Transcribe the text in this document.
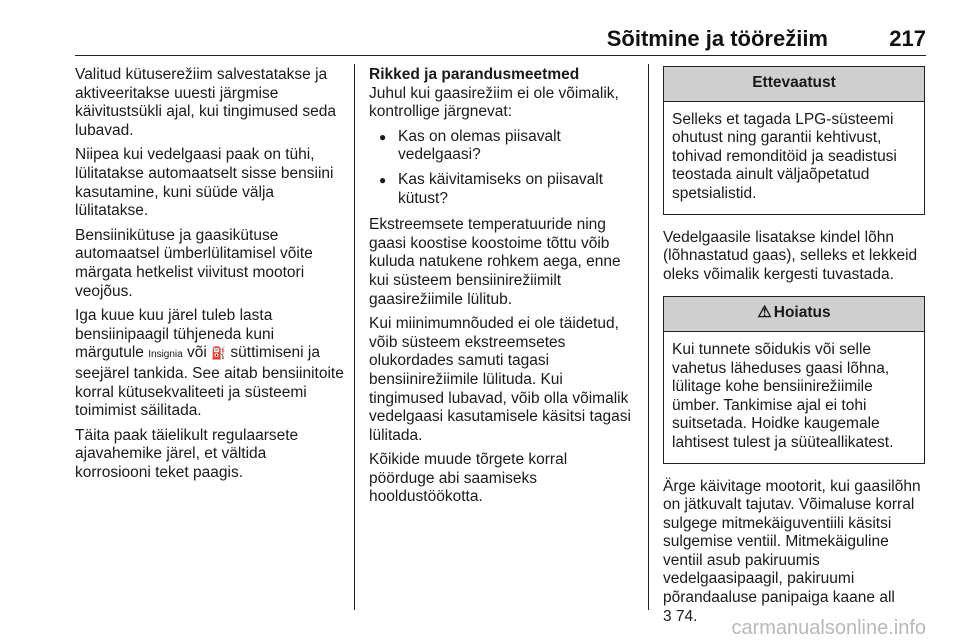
Sõitmine ja töörežiim	217

Valitud kütuserežiim salvestatakse ja aktiveeritakse uuesti järgmise käivitustsükli ajal, kui tingimused seda lubavad.

Niipea kui vedelgaasi paak on tühi, lülitatakse automaatselt sisse bensiini kasutamine, kuni süüde välja lülitatakse.

Bensiinikütuse ja gaasikütuse automaatsel ümberlülitamisel võite märgata hetkelist viivitust mootori veojõus.

Iga kuue kuu järel tuleb lasta bensiinipaagil tühjeneda kuni märgutule Insignia või ⛽ süttimiseni ja seejärel tankida. See aitab bensiinitoite korral kütusekvaliteeti ja süsteemi toimimist säilitada.

Täita paak täielikult regulaarsete ajavahemike järel, et vältida korrosiooni teket paagis.

Rikked ja parandusmeetmed

Juhul kui gaasirežiim ei ole võimalik, kontrollige järgnevat:

● Kas on olemas piisavalt vedelgaasi?
● Kas käivitamiseks on piisavalt kütust?

Ekstreemsete temperatuuride ning gaasi koostise koostoime tõttu võib kuluda natukene rohkem aega, enne kui süsteem bensiinirežiimilt gaasirežiimile lülitub.

Kui miinimumnõuded ei ole täidetud, võib süsteem ekstreemsetes olukordades samuti tagasi bensiinirežiimile lülituda. Kui tingimused lubavad, võib olla võimalik vedelgaasi kasutamisele käsitsi tagasi lülitada.

Kõikide muude tõrgete korral pöörduge abi saamiseks hooldustöökotta.

Ettevaatust
Selleks et tagada LPG-süsteemi ohutust ning garantii kehtivust, tohivad remonditöid ja seadistusi teostada ainult väljaõpetatud spetsialistid.

Vedelgaasile lisatakse kindel lõhn (lõhnastatud gaas), selleks et lekkeid oleks võimalik kergesti tuvastada.

⚠ Hoiatus
Kui tunnete sõidukis või selle vahetus läheduses gaasi lõhna, lülitage kohe bensiinirežiimile ümber. Tankimise ajal ei tohi suitsetada. Hoidke kaugemale lahtisest tulest ja süüteallikatest.

Ärge käivitage mootorit, kui gaasilõhn on jätkuvalt tajutav. Võimaluse korral sulgege mitmekäiguventiili käsitsi sulgemise ventiil. Mitmekäiguline ventiil asub pakiruumis vedelgaasipaagil, pakiruumi põrandaaluse panipaiga kaane all
3 74.

carmanualsonline.info
